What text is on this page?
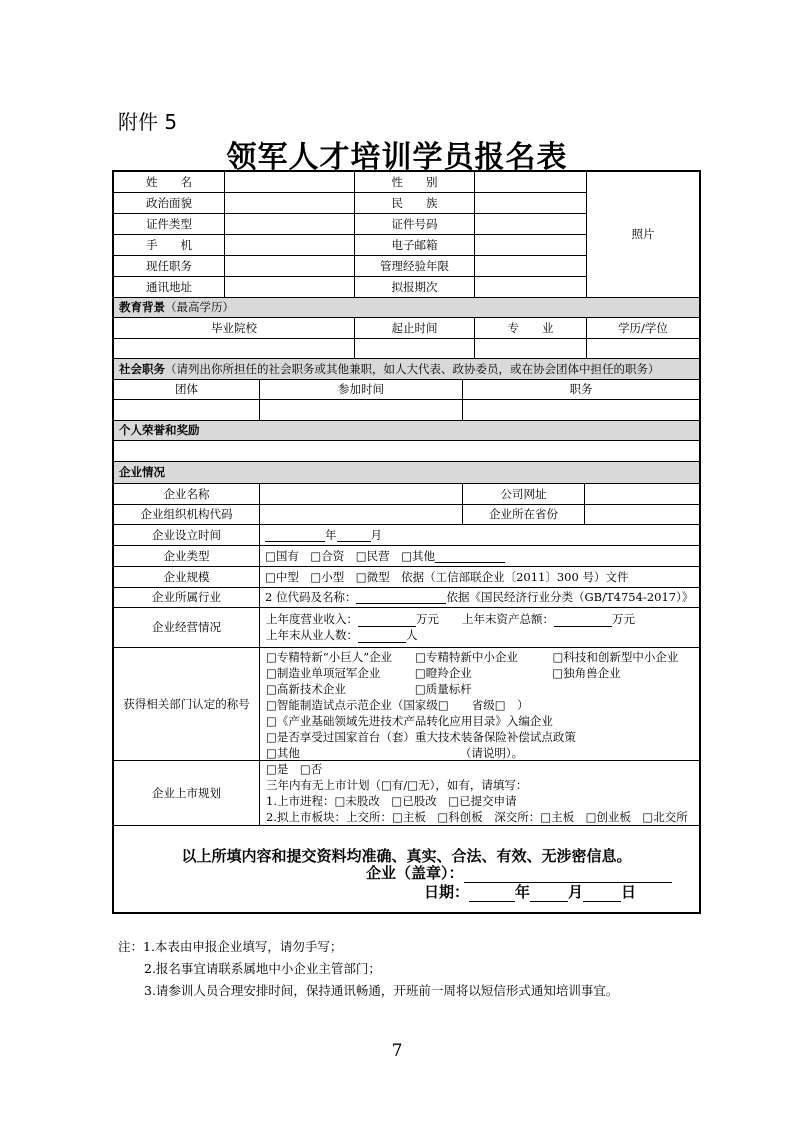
附件 5
领军人才培训学员报名表
姓　　名	性　　别
政治面貌	民　　族
证件类型	证件号码
手　　机	电子邮箱
现任职务	管理经验年限
通讯地址	拟报期次
照片
教育背景 （最高学历）
毕业院校	起止时间	专　　业	学历/学位
社会职务 （请列出你所担任的社会职务或其他兼职，如人大代表、政协委员，或在协会团体中担任的职务）
团体	参加时间	职务
个人荣誉和奖励
企业情况
企业名称	公司网址
企业组织机构代码	企业所在省份
企业设立时间	年	月
企业类型	□国有　□合资　□民营　□其他
企业规模	□中型　□小型　□微型　依据（工信部联企业〔2011〕300 号）文件
企业所属行业	2 位代码及名称：	依据《国民经济行业分类（GB/T4754-2017）》
企业经营情况
上年度营业收入：	万元　　 上年末资产总额：	万元
上年末从业人数：	人
获得相关部门认定的称号
□专精特新“小巨人”企业　　□专精特新中小企业　　　□科技和创新型中小企业
□制造业单项冠军企业　　　□瞪羚企业　　　　　　　□独角兽企业
□高新技术企业　　　　　　□质量标杆
□智能制造试点示范企业（国家级□　　省级□　）
□《产业基础领域先进技术产品转化应用目录》入编企业
□是否享受过国家首台（套）重大技术装备保险补偿试点政策
□其他	（请说明）。
企业上市规划
□是　□否
三年内有无上市计划（□有/□无），如有，请填写：
1.上市进程：□未股改　□已股改　□已提交申请
2.拟上市板块：上交所：□主板　□科创板　深交所：□主板　□创业板　□北交所
以上所填内容和提交资料均准确、真实、合法、有效、无涉密信息。
企业（盖章）：
日期：	年	月	日
注：1.本表由申报企业填写，请勿手写；
2.报名事宜请联系属地中小企业主管部门；
3.请参训人员合理安排时间，保持通讯畅通，开班前一周将以短信形式通知培训事宜。
7
